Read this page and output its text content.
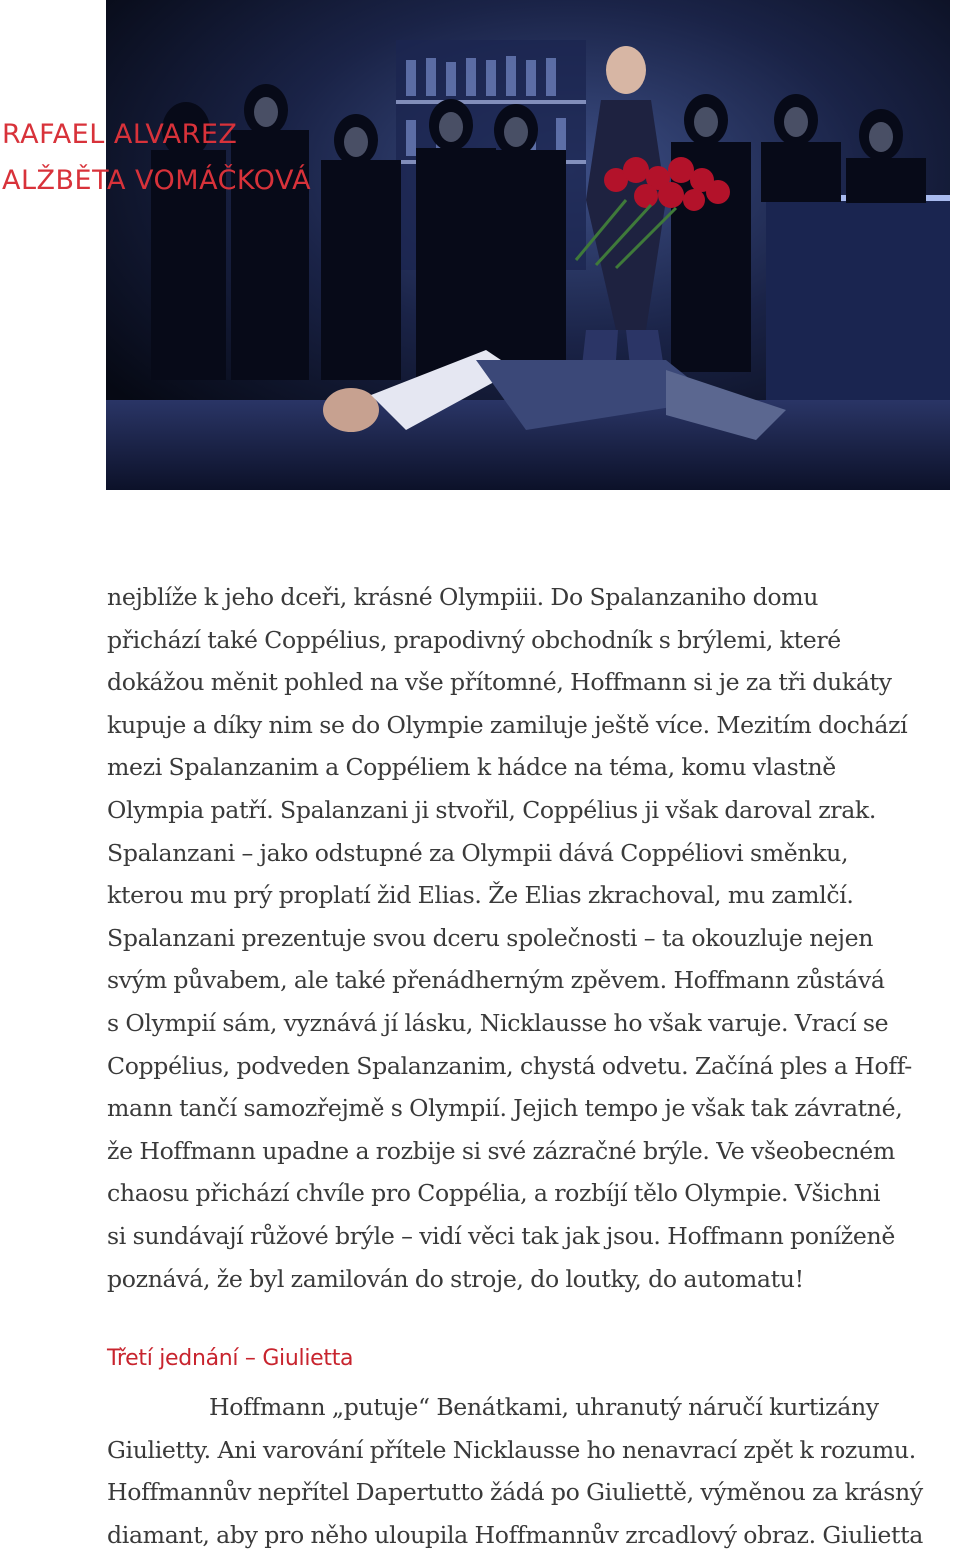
RAFAEL ALVAREZ
ALŽBĚTA VOMÁČKOVÁ
nejblíže k jeho dceři, krásné Olympiii. Do Spalanzaniho domu
přichází také Coppélius, prapodivný obchodník s brýlemi, které
dokážou měnit pohled na vše přítomné, Hoffmann si je za tři dukáty
kupuje a díky nim se do Olympie zamiluje ještě více. Mezitím dochází
mezi Spalanzanim a Coppéliem k hádce na téma, komu vlastně
Olympia patří. Spalanzani ji stvořil, Coppélius ji však daroval zrak.
Spalanzani – jako odstupné za Olympii dává Coppéliovi směnku,
kterou mu prý proplatí žid Elias. Že Elias zkrachoval, mu zamlčí.
Spalanzani prezentuje svou dceru společnosti – ta okouzluje nejen
svým půvabem, ale také přenádherným zpěvem. Hoffmann zůstává
s Olympií sám, vyznává jí lásku, Nicklausse ho však varuje. Vrací se
Coppélius, podveden Spalanzanim, chystá odvetu. Začíná ples a Hoff-
mann tančí samozřejmě s Olympií. Jejich tempo je však tak závratné,
že Hoffmann upadne a rozbije si své zázračné brýle. Ve všeobecném
chaosu přichází chvíle pro Coppélia, a rozbíjí tělo Olympie. Všichni
si sundávají růžové brýle – vidí věci tak jak jsou. Hoffmann poníženě
poznává, že byl zamilován do stroje, do loutky, do automatu!
Třetí jednání – Giulietta
Hoffmann „putuje“ Benátkami, uhranutý náručí kurtizány
Giulietty. Ani varování přítele Nicklausse ho nenavrací zpět k rozumu.
Hoffmannův nepřítel Dapertutto žádá po Giuliettě, výměnou za krásný
diamant, aby pro něho uloupila Hoffmannův zrcadlový obraz. Giulietta
